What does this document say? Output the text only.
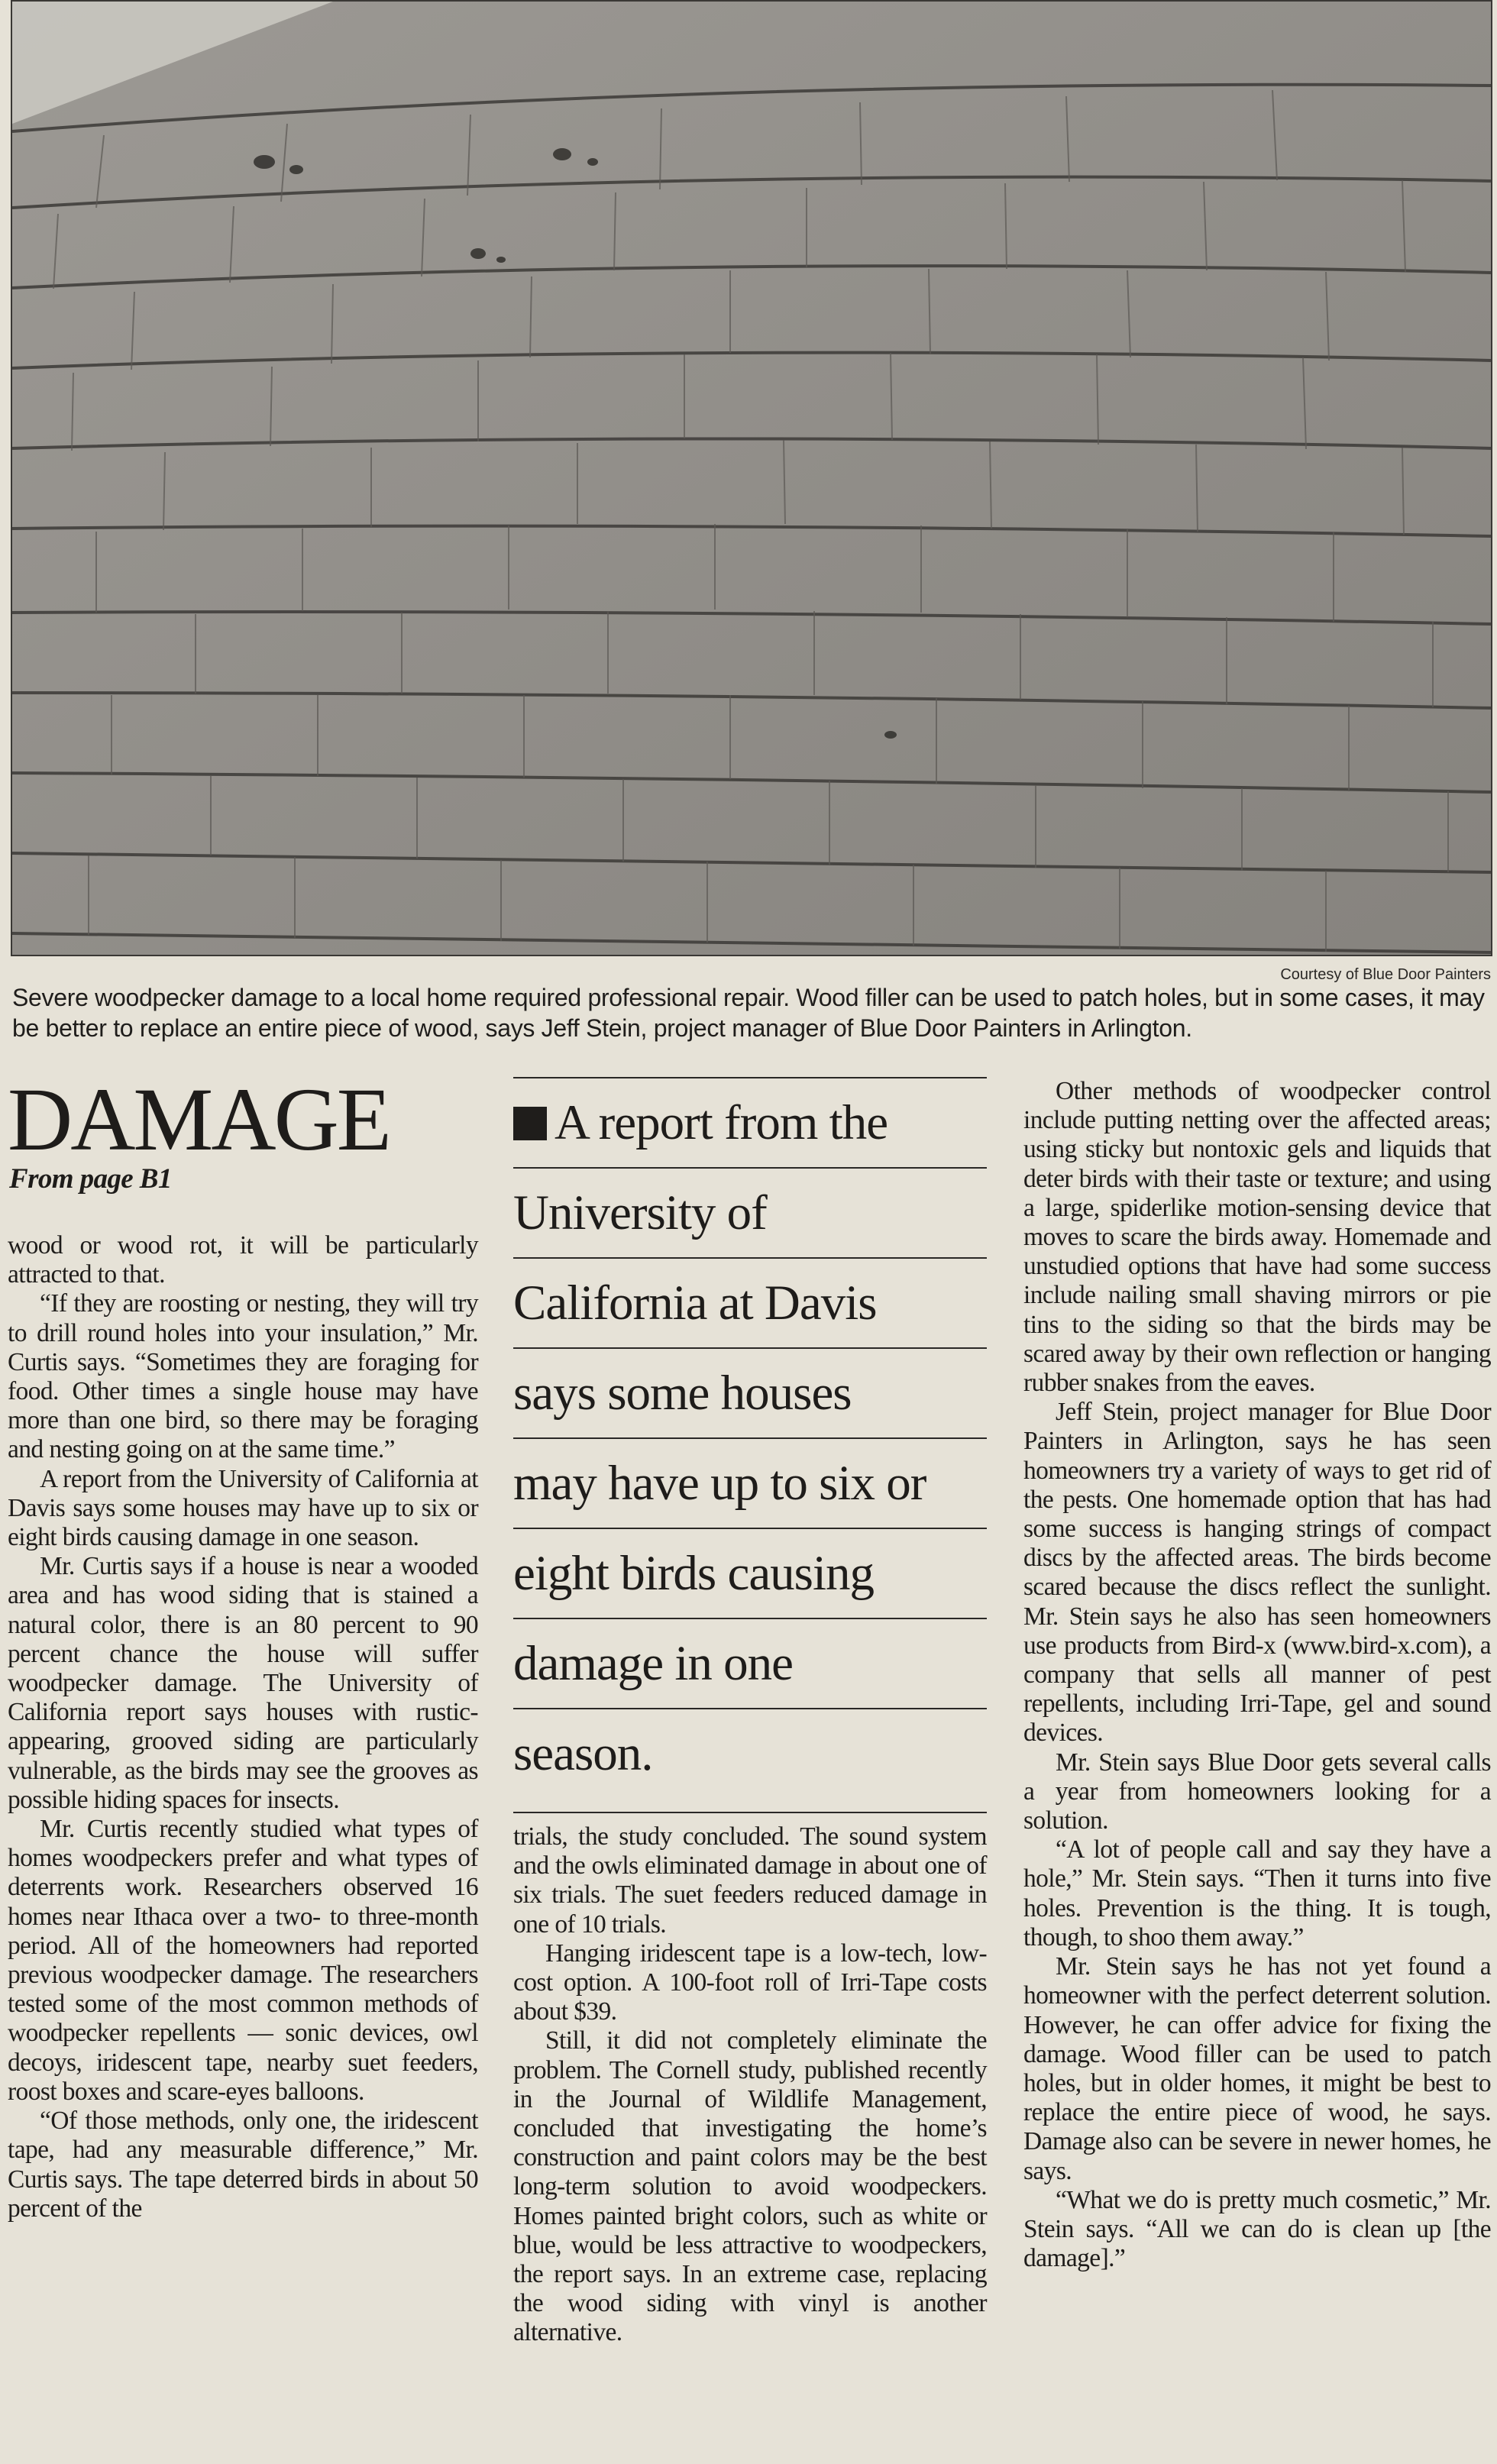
Courtesy of Blue Door Painters
Severe woodpecker damage to a local home required professional repair. Wood filler can be used to patch holes, but in some cases, it may be better to replace an entire piece of wood, says Jeff Stein, project manager of Blue Door Painters in Arlington.
DAMAGE
From page B1

wood or wood rot, it will be particularly attracted to that.

“If they are roosting or nesting, they will try to drill round holes into your insulation,” Mr. Curtis says. “Sometimes they are foraging for food. Other times a single house may have more than one bird, so there may be foraging and nesting going on at the same time.”

A report from the University of California at Davis says some houses may have up to six or eight birds causing damage in one season.

Mr. Curtis says if a house is near a wooded area and has wood siding that is stained a natural color, there is an 80 percent to 90 percent chance the house will suffer woodpecker damage. The University of California report says houses with rustic-appearing, grooved siding are particularly vulnerable, as the birds may see the grooves as possible hiding spaces for insects.

Mr. Curtis recently studied what types of homes woodpeckers prefer and what types of deterrents work. Researchers observed 16 homes near Ithaca over a two- to three-month period. All of the homeowners had reported previous woodpecker damage. The researchers tested some of the most common methods of woodpecker repellents — sonic devices, owl decoys, iridescent tape, nearby suet feeders, roost boxes and scare-eyes balloons.

“Of those methods, only one, the iridescent tape, had any measurable difference,” Mr. Curtis says. The tape deterred birds in about 50 percent of the

A report from the
University of
California at Davis
says some houses
may have up to six or
eight birds causing
damage in one
season.

trials, the study concluded. The sound system and the owls eliminated damage in about one of six trials. The suet feeders reduced damage in one of 10 trials.

Hanging iridescent tape is a low-tech, low-cost option. A 100-foot roll of Irri-Tape costs about $39.

Still, it did not completely eliminate the problem. The Cornell study, published recently in the Journal of Wildlife Management, concluded that investigating the home’s construction and paint colors may be the best long-term solution to avoid woodpeckers. Homes painted bright colors, such as white or blue, would be less attractive to woodpeckers, the report says. In an extreme case, replacing the wood siding with vinyl is another alternative.

Other methods of woodpecker control include putting netting over the affected areas; using sticky but nontoxic gels and liquids that deter birds with their taste or texture; and using a large, spiderlike motion-sensing device that moves to scare the birds away. Homemade and unstudied options that have had some success include nailing small shaving mirrors or pie tins to the siding so that the birds may be scared away by their own reflection or hanging rubber snakes from the eaves.

Jeff Stein, project manager for Blue Door Painters in Arlington, says he has seen homeowners try a variety of ways to get rid of the pests. One homemade option that has had some success is hanging strings of compact discs by the affected areas. The birds become scared because the discs reflect the sunlight. Mr. Stein says he also has seen homeowners use products from Bird-x (www.bird-x.com), a company that sells all manner of pest repellents, including Irri-Tape, gel and sound devices.

Mr. Stein says Blue Door gets several calls a year from homeowners looking for a solution.

“A lot of people call and say they have a hole,” Mr. Stein says. “Then it turns into five holes. Prevention is the thing. It is tough, though, to shoo them away.”

Mr. Stein says he has not yet found a homeowner with the perfect deterrent solution. However, he can offer advice for fixing the damage. Wood filler can be used to patch holes, but in older homes, it might be best to replace the entire piece of wood, he says. Damage also can be severe in newer homes, he says.

“What we do is pretty much cosmetic,” Mr. Stein says. “All we can do is clean up [the damage].”
